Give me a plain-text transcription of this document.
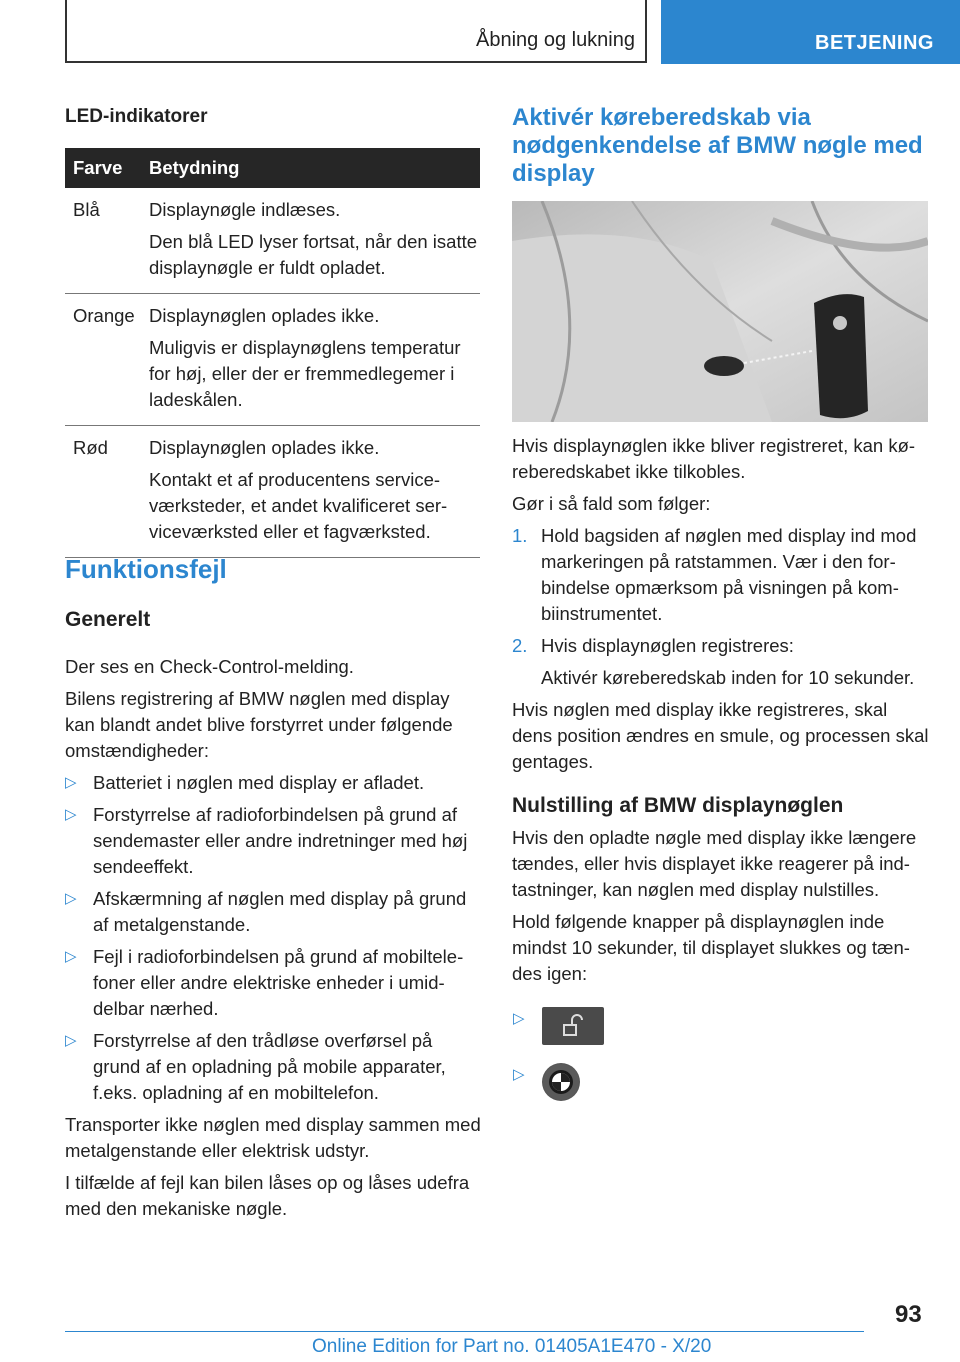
Åbning og lukning	BETJENING
LED-indikatorer
Farve	Betydning
Blå	Displaynøgle indlæses.

Den blå LED lyser fortsat, når den isatte displaynøgle er fuldt opladet.

Orange	Displaynøglen oplades ikke.

Muligvis er displaynøglens temperatur for høj, eller der er fremmedlegemer i ladeskålen.

Rød	Displaynøglen oplades ikke.

Kontakt et af producentens serviceværksteder, et andet kvalificeret serviceværksted eller et fagværksted.

Funktionsfejl
Generelt

Der ses en Check-Control-melding.

Bilens registrering af BMW nøglen med display kan blandt andet blive forstyrret under følgende omstændigheder:

▷ Batteriet i nøglen med display er afladet.
▷ Forstyrrelse af radioforbindelsen på grund af sendemaster eller andre indretninger med høj sendeeffekt.
▷ Afskærmning af nøglen med display på grund af metalgenstande.
▷ Fejl i radioforbindelsen på grund af mobiltelefoner eller andre elektriske enheder i umiddelbar nærhed.
▷ Forstyrrelse af den trådløse overførsel på grund af en opladning på mobile apparater, f.eks. opladning af en mobiltelefon.

Transporter ikke nøglen med display sammen med metalgenstande eller elektrisk udstyr.

I tilfælde af fejl kan bilen låses op og låses udefra med den mekaniske nøgle.

Aktivér køreberedskab via nødgenkendelse af BMW nøgle med display

Hvis displaynøglen ikke bliver registreret, kan køreberedskabet ikke tilkobles.

Gør i så fald som følger:

1. Hold bagsiden af nøglen med display ind mod markeringen på ratstammen. Vær i den forbindelse opmærksom på visningen på kombiinstrumentet.
2. Hvis displaynøglen registreres:
Aktivér køreberedskab inden for 10 sekunder.

Hvis nøglen med display ikke registreres, skal dens position ændres en smule, og processen skal gentages.

Nulstilling af BMW displaynøglen

Hvis den opladte nøgle med display ikke længere tændes, eller hvis displayet ikke reagerer på indtastninger, kan nøglen med display nulstilles.

Hold følgende knapper på displaynøglen inde mindst 10 sekunder, til displayet slukkes og tændes igen:

▷
▷
93
Online Edition for Part no. 01405A1E470 - X/20
